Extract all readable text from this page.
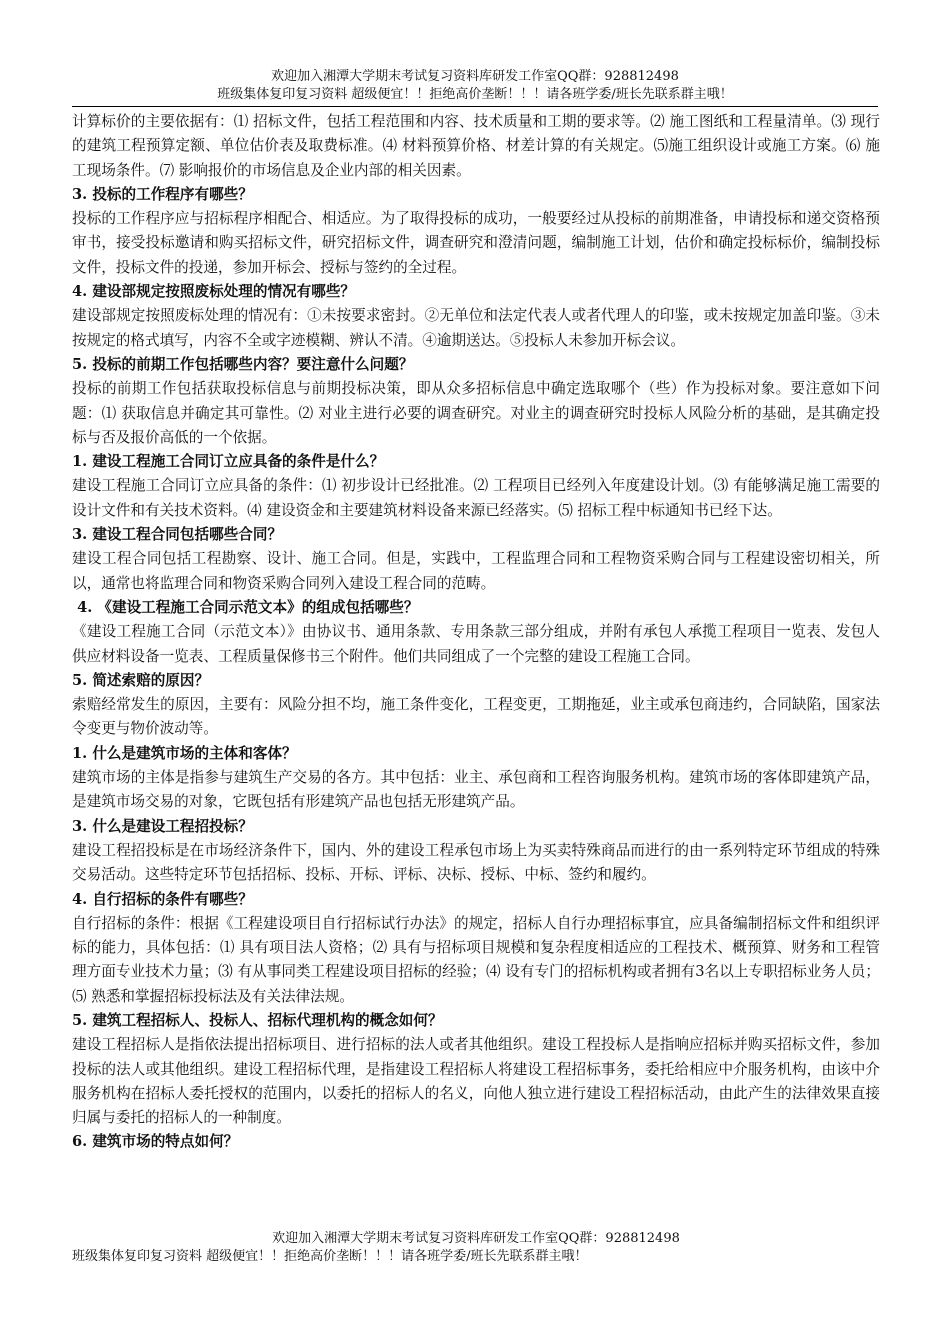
欢迎加入湘潭大学期末考试复习资料库研发工作室QQ群：928812498
班级集体复印复习资料 超级便宜！！拒绝高价垄断！！！请各班学委/班长先联系群主哦！

计算标价的主要依据有：⑴ 招标文件，包括工程范围和内容、技术质量和工期的要求等。⑵ 施工图纸和工程量清单。⑶ 现行的建筑工程预算定额、单位估价表及取费标准。⑷ 材料预算价格、材差计算的有关规定。⑸施工组织设计或施工方案。⑹ 施工现场条件。⑺ 影响报价的市场信息及企业内部的相关因素。

3. 投标的工作程序有哪些？

投标的工作程序应与招标程序相配合、相适应。为了取得投标的成功，一般要经过从投标的前期准备，申请投标和递交资格预审书，接受投标邀请和购买招标文件，研究招标文件，调查研究和澄清问题，编制施工计划，估价和确定投标标价，编制投标文件，投标文件的投递，参加开标会、授标与签约的全过程。

4. 建设部规定按照废标处理的情况有哪些？

建设部规定按照废标处理的情况有：①未按要求密封。②无单位和法定代表人或者代理人的印鉴，或未按规定加盖印鉴。③未按规定的格式填写，内容不全或字迹模糊、辨认不清。④逾期送达。⑤投标人未参加开标会议。

5. 投标的前期工作包括哪些内容？要注意什么问题？

投标的前期工作包括获取投标信息与前期投标决策，即从众多招标信息中确定选取哪个（些）作为投标对象。要注意如下问题：⑴ 获取信息并确定其可靠性。⑵ 对业主进行必要的调查研究。对业主的调查研究时投标人风险分析的基础，是其确定投标与否及报价高低的一个依据。

1. 建设工程施工合同订立应具备的条件是什么？

建设工程施工合同订立应具备的条件：⑴ 初步设计已经批准。⑵ 工程项目已经列入年度建设计划。⑶ 有能够满足施工需要的设计文件和有关技术资料。⑷ 建设资金和主要建筑材料设备来源已经落实。⑸ 招标工程中标通知书已经下达。

3. 建设工程合同包括哪些合同？

建设工程合同包括工程勘察、设计、施工合同。但是，实践中，工程监理合同和工程物资采购合同与工程建设密切相关，所以，通常也将监理合同和物资采购合同列入建设工程合同的范畴。

4. 《建设工程施工合同示范文本》的组成包括哪些？

《建设工程施工合同（示范文本）》由协议书、通用条款、专用条款三部分组成，并附有承包人承揽工程项目一览表、发包人供应材料设备一览表、工程质量保修书三个附件。他们共同组成了一个完整的建设工程施工合同。

5. 简述索赔的原因？

索赔经常发生的原因，主要有：风险分担不均，施工条件变化，工程变更，工期拖延，业主或承包商违约，合同缺陷，国家法令变更与物价波动等。

1. 什么是建筑市场的主体和客体？

建筑市场的主体是指参与建筑生产交易的各方。其中包括：业主、承包商和工程咨询服务机构。建筑市场的客体即建筑产品，是建筑市场交易的对象，它既包括有形建筑产品也包括无形建筑产品。

3. 什么是建设工程招投标？

建设工程招投标是在市场经济条件下，国内、外的建设工程承包市场上为买卖特殊商品而进行的由一系列特定环节组成的特殊交易活动。这些特定环节包括招标、投标、开标、评标、决标、授标、中标、签约和履约。

4. 自行招标的条件有哪些？

自行招标的条件：根据《工程建设项目自行招标试行办法》的规定，招标人自行办理招标事宜，应具备编制招标文件和组织评标的能力，具体包括：⑴ 具有项目法人资格；⑵ 具有与招标项目规模和复杂程度相适应的工程技术、概预算、财务和工程管理方面专业技术力量；⑶ 有从事同类工程建设项目招标的经验；⑷ 设有专门的招标机构或者拥有3名以上专职招标业务人员；⑸ 熟悉和掌握招标投标法及有关法律法规。

5. 建筑工程招标人、投标人、招标代理机构的概念如何？

建设工程招标人是指依法提出招标项目、进行招标的法人或者其他组织。建设工程投标人是指响应招标并购买招标文件，参加投标的法人或其他组织。建设工程招标代理，是指建设工程招标人将建设工程招标事务，委托给相应中介服务机构，由该中介服务机构在招标人委托授权的范围内，以委托的招标人的名义，向他人独立进行建设工程招标活动，由此产生的法律效果直接归属与委托的招标人的一种制度。

6. 建筑市场的特点如何？
欢迎加入湘潭大学期末考试复习资料库研发工作室QQ群：928812498
班级集体复印复习资料 超级便宜！！拒绝高价垄断！！！请各班学委/班长先联系群主哦！
